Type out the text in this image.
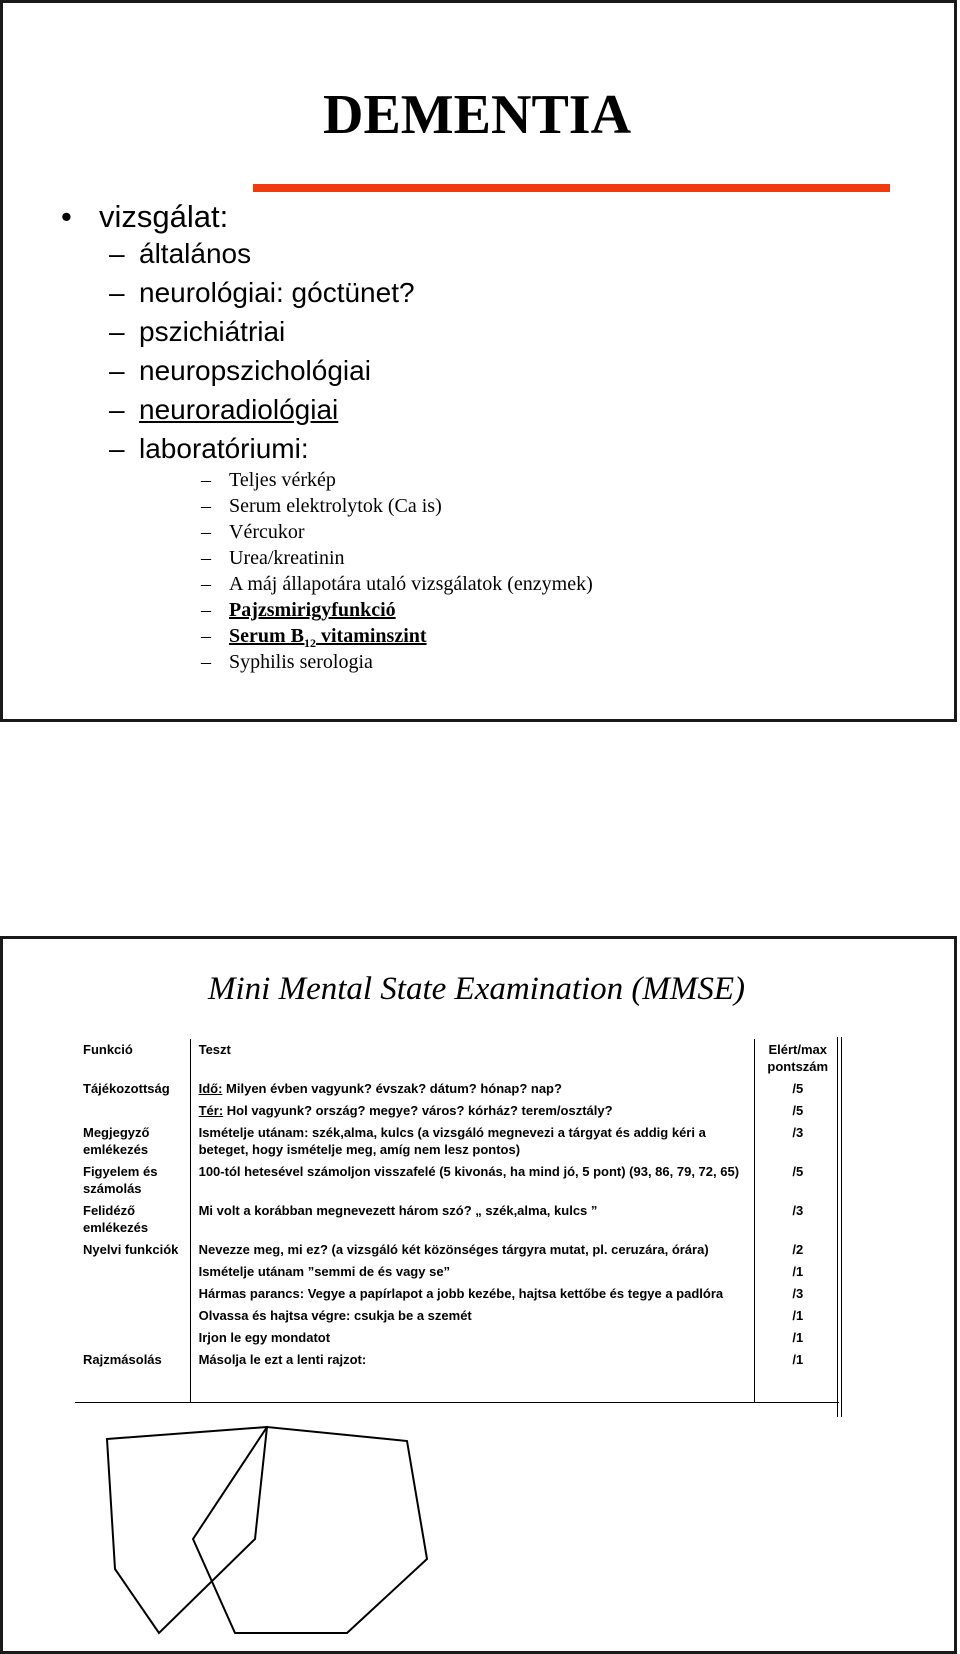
DEMENTIA
• vizsgálat:
– általános
– neurológiai: góctünet?
– pszichiátriai
– neuropszichológiai
– neuroradiológiai
– laboratóriumi:
– Teljes vérkép
– Serum elektrolytok (Ca is)
– Vércukor
– Urea/kreatinin
– A máj állapotára utaló vizsgálatok (enzymek)
– Pajzsmirigyfunkció
– Serum $B_{12}$ vitaminszint
– Syphilis serologia
Mini Mental State Examination (MMSE)
Funkció	Teszt	Elért/max pontszám
Tájékozottság	Idő: Milyen évben vagyunk? évszak? dátum? hónap? nap?	/5
	Tér: Hol vagyunk? ország? megye? város? kórház? terem/osztály?	/5
Megjegyző emlékezés	Ismételje utánam: szék,alma, kulcs (a vizsgáló megnevezi a tárgyat és addig kéri a beteget, hogy ismételje meg, amíg nem lesz pontos)	/3
Figyelem és számolás	100-tól hetesével számoljon visszafelé (5 kivonás, ha mind jó, 5 pont) (93, 86, 79, 72, 65)	/5
Felidéző emlékezés	Mi volt a korábban megnevezett három szó? „ szék,alma, kulcs ”	/3
Nyelvi funkciók	Nevezze meg, mi ez? (a vizsgáló két közönséges tárgyra mutat, pl. ceruzára, órára)	/2
	Ismételje utánam ”semmi de és vagy se”	/1
	Hármas parancs: Vegye a papírlapot a jobb kezébe, hajtsa kettőbe és tegye a padlóra	/3
	Olvassa és hajtsa végre: csukja be a szemét	/1
	Irjon le egy mondatot	/1
Rajzmásolás	Másolja le ezt a lenti rajzot:	/1
